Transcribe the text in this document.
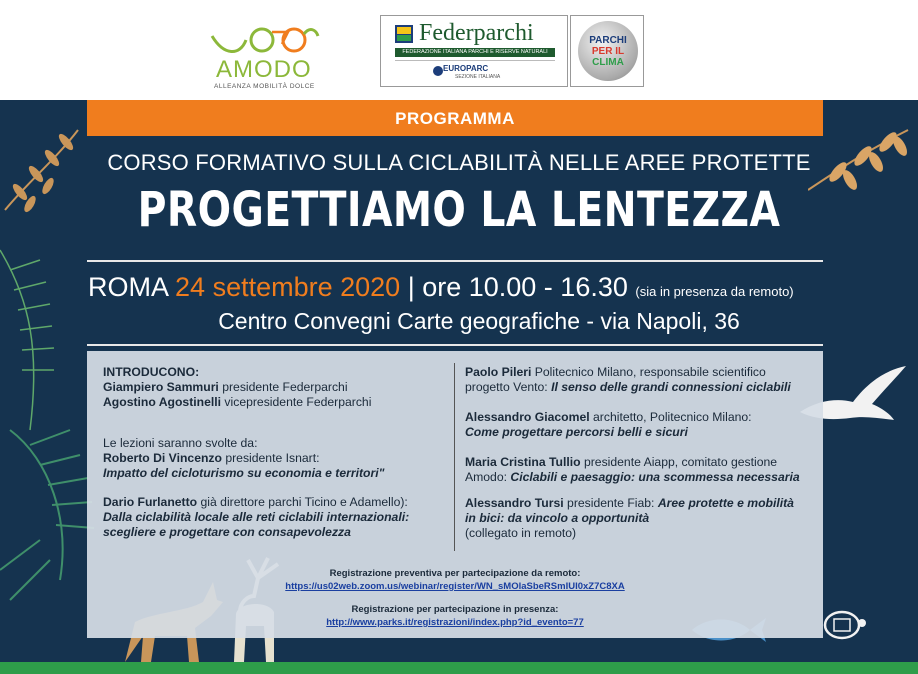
AMODO
ALLEANZA MOBILITÀ DOLCE
Federparchi
FEDERAZIONE ITALIANA PARCHI E RISERVE NATURALI
EUROPARC
SEZIONE ITALIANA
PARCHI
PER IL
CLIMA
PROGRAMMA
CORSO FORMATIVO SULLA CICLABILITÀ NELLE AREE PROTETTE
PROGETTIAMO LA LENTEZZA
ROMA 24 settembre 2020 | ore 10.00 - 16.30 (sia in presenza da remoto)
Centro Convegni Carte geografiche - via Napoli, 36
INTRODUCONO:
Giampiero Sammuri presidente Federparchi
Agostino Agostinelli vicepresidente Federparchi
Le lezioni saranno svolte da:
Roberto Di Vincenzo presidente Isnart:
Impatto del cicloturismo su economia e territori"
Dario Furlanetto già direttore parchi Ticino e Adamello):
Dalla ciclabilità locale alle reti ciclabili internazionali:
scegliere e progettare con consapevolezza
Paolo Pileri Politecnico Milano, responsabile scientifico
progetto Vento: Il senso delle grandi connessioni ciclabili
Alessandro Giacomel architetto, Politecnico Milano:
Come progettare percorsi belli e sicuri
Maria Cristina Tullio presidente Aiapp, comitato gestione
Amodo: Ciclabili e paesaggio: una scommessa necessaria
Alessandro Tursi presidente Fiab: Aree protette e mobilità
in bici: da vincolo a opportunità
(collegato in remoto)
Registrazione preventiva per partecipazione da remoto:
https://us02web.zoom.us/webinar/register/WN_sMOlaSbeRSmIUI0xZ7C8XA
Registrazione per partecipazione in presenza:
http://www.parks.it/registrazioni/index.php?id_evento=77
